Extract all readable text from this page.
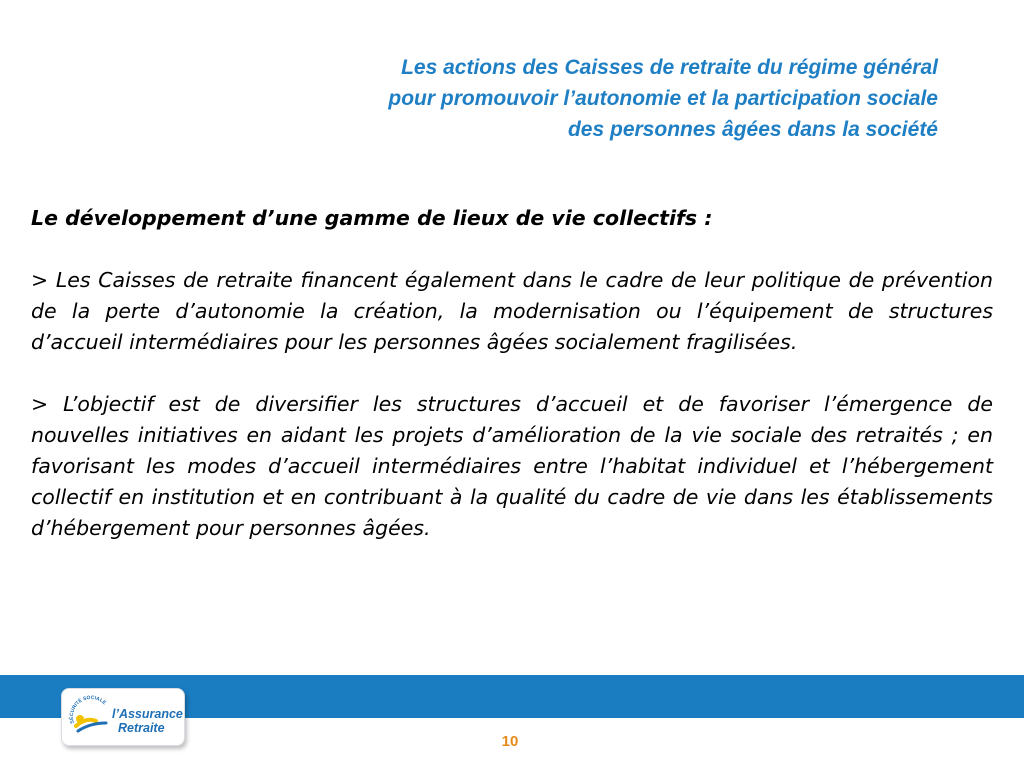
Les actions des Caisses de retraite du régime général
pour promouvoir l’autonomie et la participation sociale
des personnes âgées dans la société

Le développement d’une gamme de lieux de vie collectifs :

> Les Caisses de retraite financent également dans le cadre de leur politique de prévention de la perte d’autonomie la création, la modernisation ou l’équipement de structures d’accueil intermédiaires pour les personnes âgées socialement fragilisées.

> L’objectif est de diversifier les structures d’accueil et de favoriser l’émergence de nouvelles initiatives en aidant les projets d’amélioration de la vie sociale des retraités ; en favorisant les modes d’accueil intermédiaires entre l’habitat individuel et l’hébergement collectif en institution et en contribuant à la qualité du cadre de vie dans les établissements d’hébergement pour personnes âgées.

SÉCURITÉ SOCIALE
l’Assurance
Retraite
10
